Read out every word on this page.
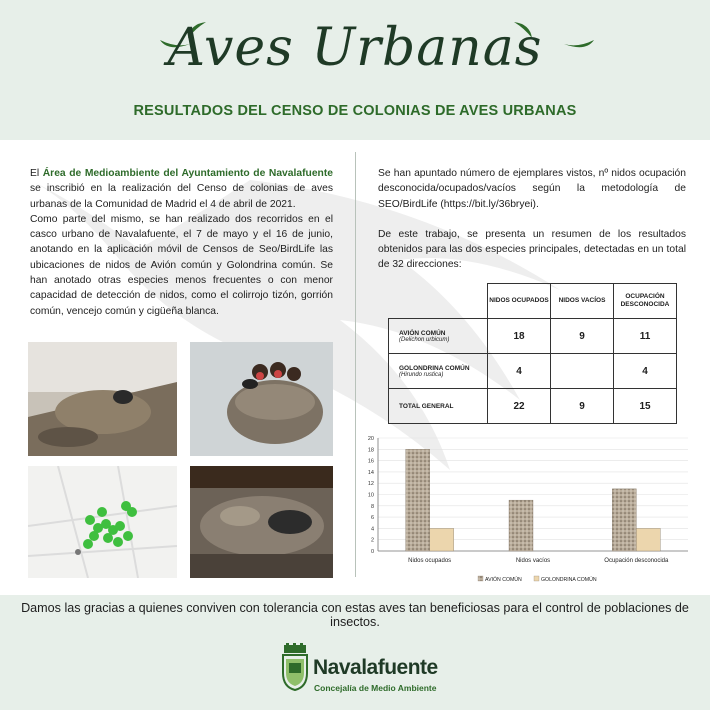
Aves Urbanas
RESULTADOS DEL CENSO DE COLONIAS DE AVES URBANAS

El Área de Medioambiente del Ayuntamiento de Navalafuente se inscribió en la realización del Censo de colonias de aves urbanas de la Comunidad de Madrid el 4 de abril de 2021.

Como parte del mismo, se han realizado dos recorridos en el casco urbano de Navalafuente, el 7 de mayo y el 16 de junio, anotando en la aplicación móvil de Censos de Seo/BirdLife las ubicaciones de nidos de Avión común y Golondrina común. Se han anotado otras especies menos frecuentes o con menor capacidad de detección de nidos, como el colirrojo tizón, gorrión común, vencejo común y cigüeña blanca.

Se han apuntado número de ejemplares vistos, nº nidos ocupación desconocida/ocupados/vacíos según la metodología de SEO/BirdLife (https://bit.ly/36bryei).

De este trabajo, se presenta un resumen de los resultados obtenidos para las dos especies principales, detectadas en un total de 32 direcciones:

	NIDOS OCUPADOS	NIDOS VACÍOS	OCUPACIÓN DESCONOCIDA
AVIÓN COMÚN
(Delichon urbicum)	18	9	11
GOLONDRINA COMÚN
(Hirundo rustica)	4		4
TOTAL GENERAL	22	9	15
0
2
4
6
8
10
12
14
16
18
20
Nidos ocupados	Nidos vacíos	Ocupación desconocida
AVIÓN COMÚN	GOLONDRINA COMÚN
Damos las gracias a quienes conviven con tolerancia con estas aves tan beneficiosas para el control de poblaciones de insectos.
Navalafuente
Concejalía de Medio Ambiente
